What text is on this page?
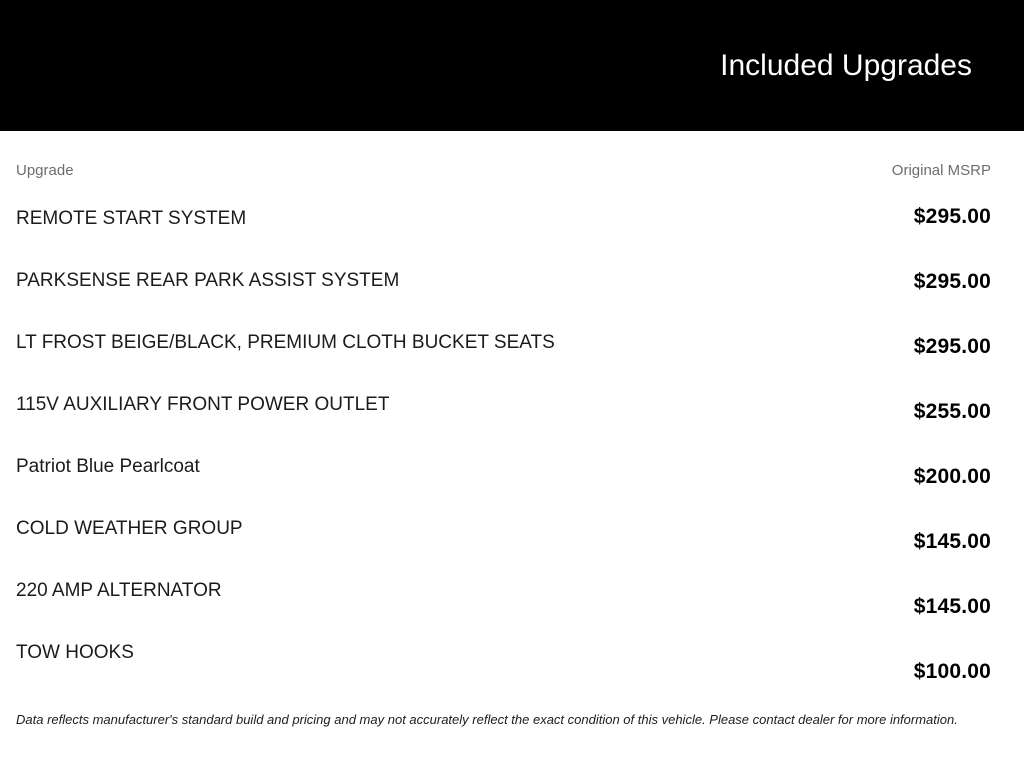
Included Upgrades
Upgrade
REMOTE START SYSTEM
PARKSENSE REAR PARK ASSIST SYSTEM
LT FROST BEIGE/BLACK, PREMIUM CLOTH BUCKET SEATS
115V AUXILIARY FRONT POWER OUTLET
Patriot Blue Pearlcoat
COLD WEATHER GROUP
220 AMP ALTERNATOR
TOW HOOKS
Original MSRP
$295.00
$295.00
$295.00
$255.00
$200.00
$145.00
$145.00
$100.00

Data reflects manufacturer's standard build and pricing and may not accurately reflect the exact condition of this vehicle. Please contact dealer for more information.
